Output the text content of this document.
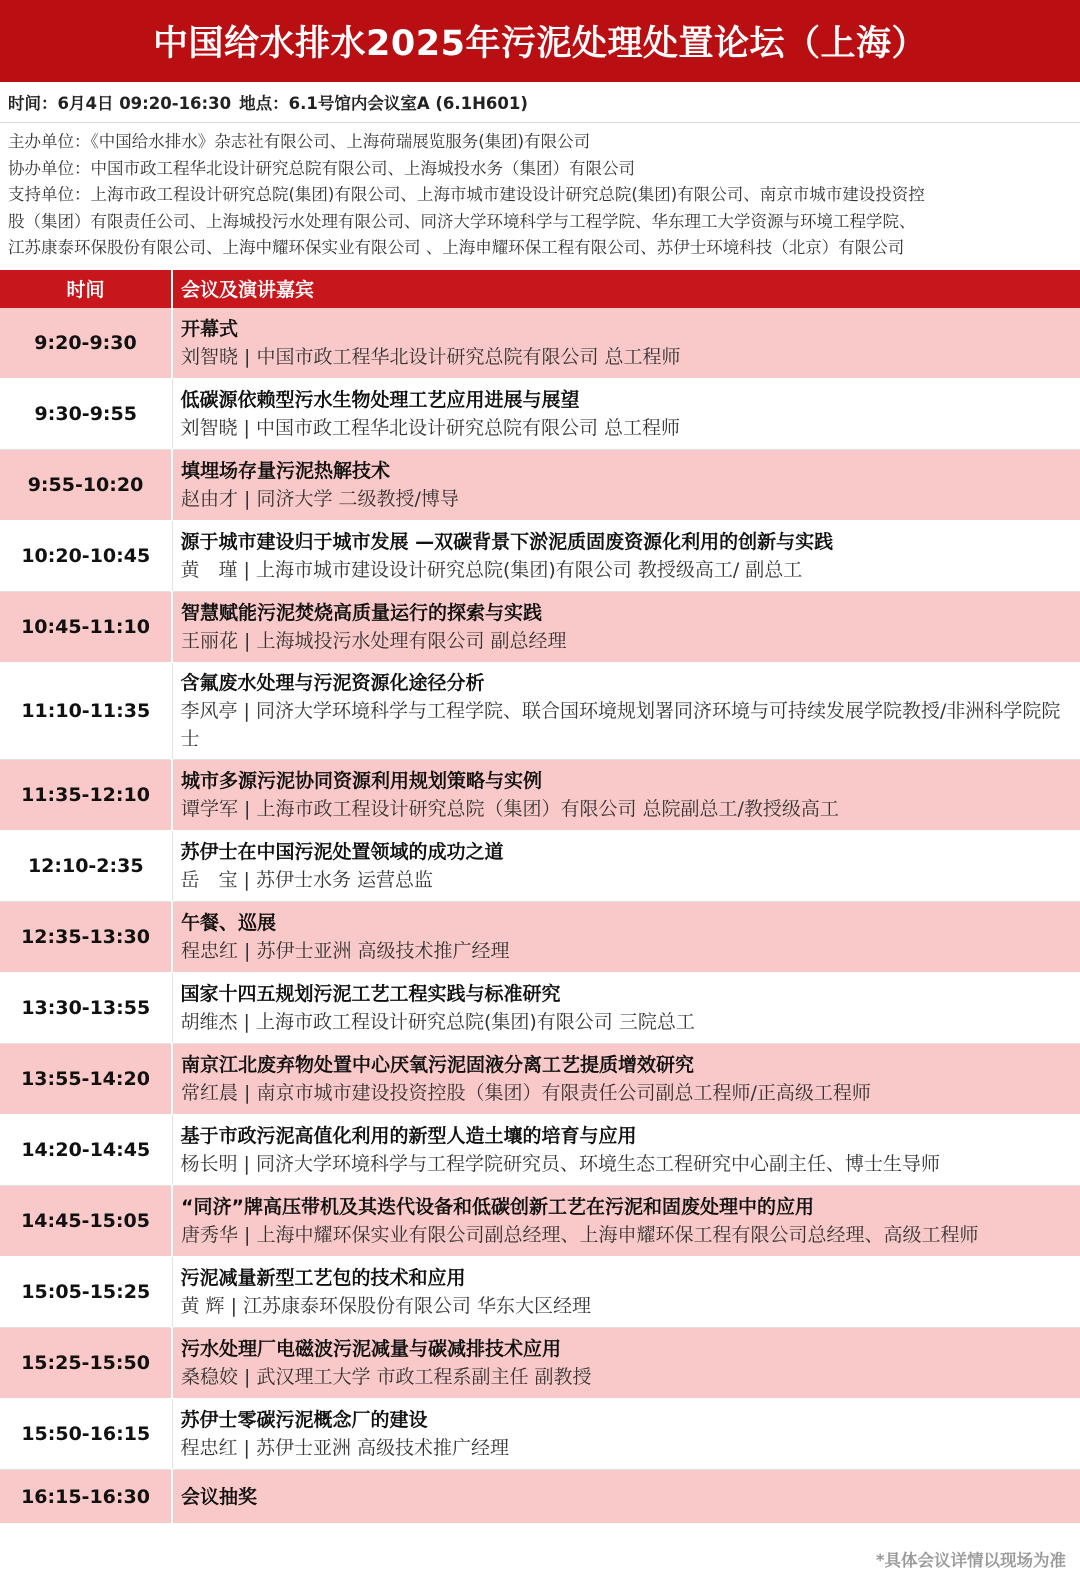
中国给水排水2025年污泥处理处置论坛（上海）
时间：6月4日 09:20-16:30 地点：6.1号馆内会议室A (6.1H601)
主办单位：《中国给水排水》杂志社有限公司、上海荷瑞展览服务(集团)有限公司
协办单位：中国市政工程华北设计研究总院有限公司、上海城投水务（集团）有限公司
支持单位：上海市政工程设计研究总院(集团)有限公司、上海市城市建设设计研究总院(集团)有限公司、南京市城市建设投资控
股（集团）有限责任公司、上海城投污水处理有限公司、同济大学环境科学与工程学院、华东理工大学资源与环境工程学院、
江苏康泰环保股份有限公司、上海中耀环保实业有限公司 、上海申耀环保工程有限公司、苏伊士环境科技（北京）有限公司
时间	会议及演讲嘉宾
9:20-9:30	开幕式
刘智晓 | 中国市政工程华北设计研究总院有限公司 总工程师

9:30-9:55	低碳源依赖型污水生物处理工艺应用进展与展望
刘智晓 | 中国市政工程华北设计研究总院有限公司 总工程师

9:55-10:20	填埋场存量污泥热解技术
赵由才 | 同济大学 二级教授/博导

10:20-10:45	源于城市建设归于城市发展 —双碳背景下淤泥质固废资源化利用的创新与实践
黄　瑾 | 上海市城市建设设计研究总院(集团)有限公司 教授级高工/ 副总工

10:45-11:10	智慧赋能污泥焚烧高质量运行的探索与实践
王丽花 | 上海城投污水处理有限公司 副总经理

11:10-11:35	含氟废水处理与污泥资源化途径分析
李风亭 | 同济大学环境科学与工程学院、联合国环境规划署同济环境与可持续发展学院教授/非洲科学院院士

11:35-12:10	城市多源污泥协同资源利用规划策略与实例
谭学军 | 上海市政工程设计研究总院（集团）有限公司 总院副总工/教授级高工

12:10-2:35	苏伊士在中国污泥处置领域的成功之道
岳　宝 | 苏伊士水务 运营总监

12:35-13:30	午餐、巡展
程忠红 | 苏伊士亚洲 高级技术推广经理

13:30-13:55	国家十四五规划污泥工艺工程实践与标准研究
胡维杰 | 上海市政工程设计研究总院(集团)有限公司 三院总工

13:55-14:20	南京江北废弃物处置中心厌氧污泥固液分离工艺提质增效研究
常红晨 | 南京市城市建设投资控股（集团）有限责任公司副总工程师/正高级工程师

14:20-14:45	基于市政污泥高值化利用的新型人造土壤的培育与应用
杨长明 | 同济大学环境科学与工程学院研究员、环境生态工程研究中心副主任、博士生导师

14:45-15:05	“同济”牌高压带机及其迭代设备和低碳创新工艺在污泥和固废处理中的应用
唐秀华 | 上海中耀环保实业有限公司副总经理、上海申耀环保工程有限公司总经理、高级工程师

15:05-15:25	污泥减量新型工艺包的技术和应用
黄 辉 | 江苏康泰环保股份有限公司 华东大区经理

15:25-15:50	污水处理厂电磁波污泥减量与碳减排技术应用
桑稳姣 | 武汉理工大学 市政工程系副主任 副教授

15:50-16:15	苏伊士零碳污泥概念厂的建设
程忠红 | 苏伊士亚洲 高级技术推广经理

16:15-16:30	会议抽奖
*具体会议详情以现场为准
